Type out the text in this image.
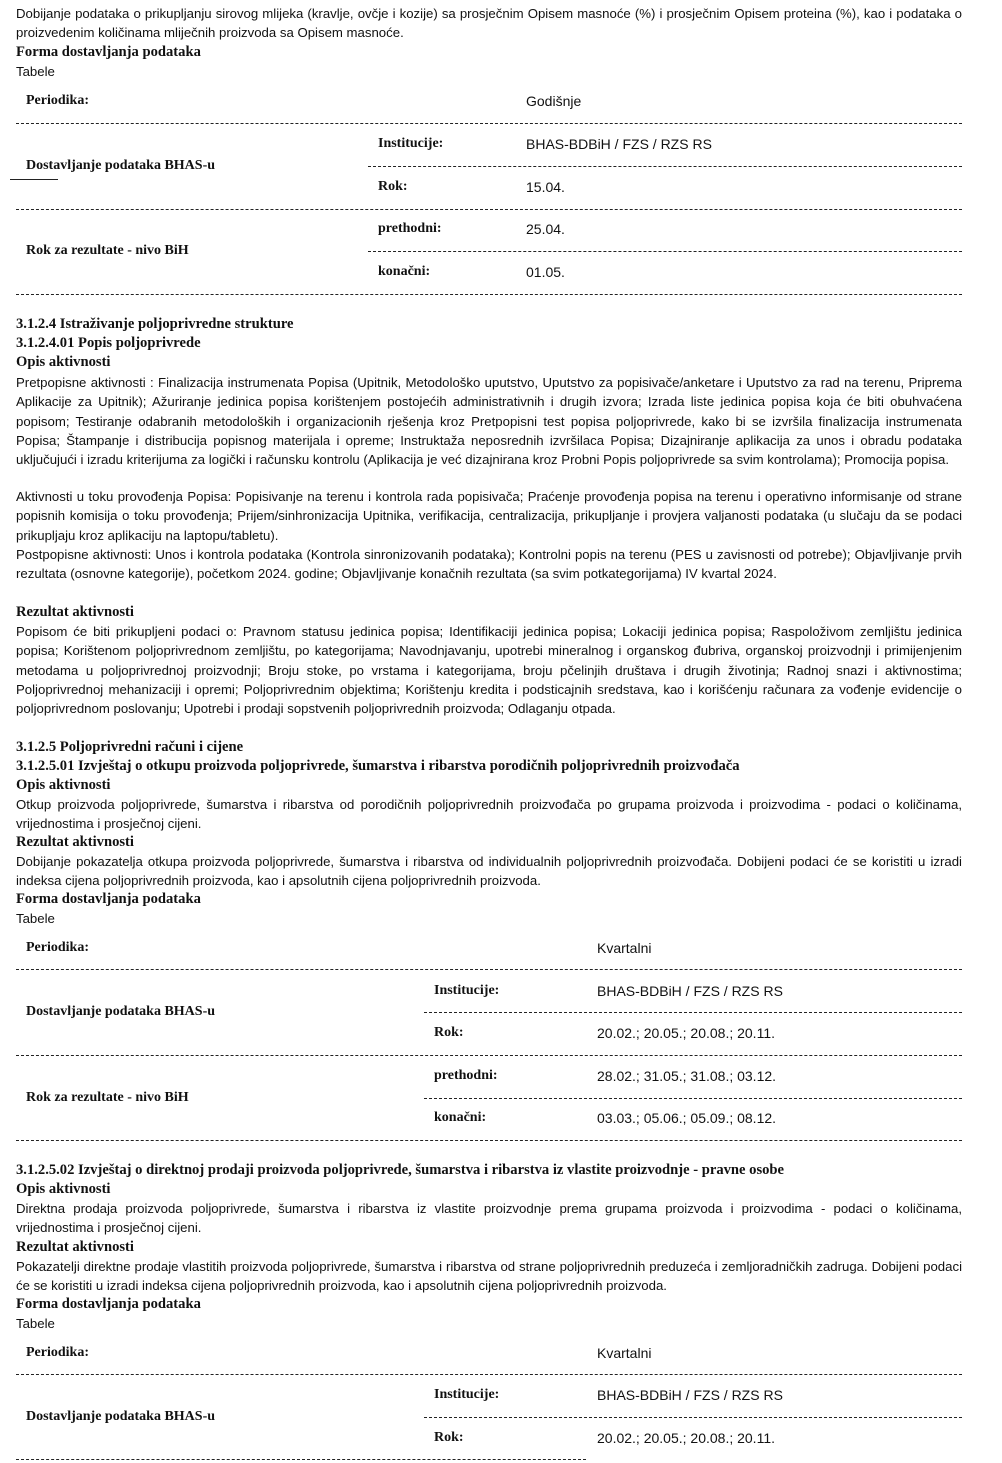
Dobijanje podataka o prikupljanju sirovog mlijeka (kravlje, ovčje i kozije) sa prosječnim Opisem masnoće (%) i prosječnim Opisem proteina (%), kao i podataka o proizvedenim količinama mliječnih proizvoda sa Opisem masnoće.
Forma dostavljanja podataka
Tabele
Periodika:	Godišnje
Institucije:	BHAS-BDBiH / FZS / RZS RS
Dostavljanje podataka BHAS-u
Rok:	15.04.
prethodni:	25.04.
Rok za rezultate - nivo BiH
konačni:	01.05.
3.1.2.4 Istraživanje poljoprivredne strukture
3.1.2.4.01 Popis poljoprivrede
Opis aktivnosti
Pretpopisne aktivnosti : Finalizacija instrumenata Popisa (Upitnik, Metodološko uputstvo, Uputstvo za popisivače/anketare i Uputstvo za rad na terenu, Pripremа Aplikacije za Upitnik); Ažuriranje jedinica popisa korištenjem postojećih administrativnih i drugih izvora; Izrada liste jedinica popisa koja će biti obuhvaćena popisom; Testiranje odabranih metodoloških i organizacionih rješenja kroz Pretpopisni test popisa poljoprivrede, kako bi se izvršila finalizacija instrumenata Popisa; Štampanje i distribucija popisnog materijala i opreme; Instruktaža neposrednih izvršilaca Popisa; Dizajniranje aplikacija za unos i obradu podataka uključujući i izradu kriterijuma za logički i računsku kontrolu (Aplikacija je već dizajnirana kroz Probni Popis poljoprivrede sa svim kontrolama); Promocija popisa.
Aktivnosti u toku provođenja Popisa: Popisivanje na terenu i kontrola rada popisivača; Praćenje provođenja popisa na terenu i operativno informisanje od strane popisnih komisija o toku provođenja; Prijem/sinhronizacija Upitnika, verifikacija, centralizacija, prikupljanje i provjera valjanosti podataka (u slučaju da se podaci prikupljaju kroz aplikaciju na laptopu/tabletu).
Postpopisne aktivnosti: Unos i kontrola podataka (Kontrola sinronizovanih podataka); Kontrolni popis na terenu (PES u zavisnosti od potrebe); Objavljivanje prvih rezultata (osnovne kategorije), početkom 2024. godine; Objavljivanje konačnih rezultata (sa svim potkategorijama) IV kvartal 2024.
Rezultat aktivnosti
Popisom će biti prikupljeni podaci o: Pravnom statusu jedinica popisa; Identifikaciji jedinica popisa; Lokaciji jedinica popisa; Raspoloživom zemljištu jedinica popisa; Korištenom poljoprivrednom zemljištu, po kategorijama; Navodnjavanju, upotrebi mineralnog i organskog đubriva, organskoj proizvodnji i primijenjenim metodama u poljoprivrednoj proizvodnji; Broju stoke, po vrstama i kategorijama, broju pčelinjih društava i drugih životinja; Radnoj snazi i aktivnostima; Poljoprivrednoj mehanizaciji i opremi; Poljoprivrednim objektima; Korištenju kredita i podsticajnih sredstava, kao i korišćenju računara za vođenje evidencije o poljoprivrednom poslovanju; Upotrebi i prodaji sopstvenih poljoprivrednih proizvoda; Odlaganju otpada.
3.1.2.5 Poljoprivredni računi i cijene
3.1.2.5.01 Izvještaj o otkupu proizvoda poljoprivrede, šumarstva i ribarstva porodičnih poljoprivrednih proizvođača
Opis aktivnosti
Otkup proizvoda poljoprivrede, šumarstva i ribarstva od porodičnih poljoprivrednih proizvođača po grupama proizvoda i proizvodima - podaci o količinama, vrijednostima i prosječnoj cijeni.
Rezultat aktivnosti
Dobijanje pokazatelja otkupa proizvoda poljoprivrede, šumarstva i ribarstva od individualnih poljoprivrednih proizvođača. Dobijeni podaci će se koristiti u izradi indeksa cijena poljoprivrednih proizvoda, kao i apsolutnih cijena poljoprivrednih proizvoda.
Forma dostavljanja podataka
Tabele
Periodika:	Kvartalni
Institucije:	BHAS-BDBiH / FZS / RZS RS
Dostavljanje podataka BHAS-u
Rok:	20.02.; 20.05.; 20.08.; 20.11.
prethodni:	28.02.; 31.05.; 31.08.; 03.12.
Rok za rezultate - nivo BiH
konačni:	03.03.; 05.06.; 05.09.; 08.12.
3.1.2.5.02 Izvještaj o direktnoj prodaji proizvoda poljoprivrede, šumarstva i ribarstva iz vlastite proizvodnje - pravne osobe
Opis aktivnosti
Direktna prodaja proizvoda poljoprivrede, šumarstva i ribarstva iz vlastite proizvodnje prema grupama proizvoda i proizvodima - podaci o količinama, vrijednostima i prosječnoj cijeni.
Rezultat aktivnosti
Pokazatelji direktne prodaje vlastitih proizvoda poljoprivrede, šumarstva i ribarstva od strane poljoprivrednih preduzeća i zemljoradničkih zadruga. Dobijeni podaci će se koristiti u izradi indeksa cijena poljoprivrednih proizvoda, kao i apsolutnih cijena poljoprivrednih proizvoda.
Forma dostavljanja podataka
Tabele
Periodika:	Kvartalni
Institucije:	BHAS-BDBiH / FZS / RZS RS
Dostavljanje podataka BHAS-u
Rok:	20.02.; 20.05.; 20.08.; 20.11.
